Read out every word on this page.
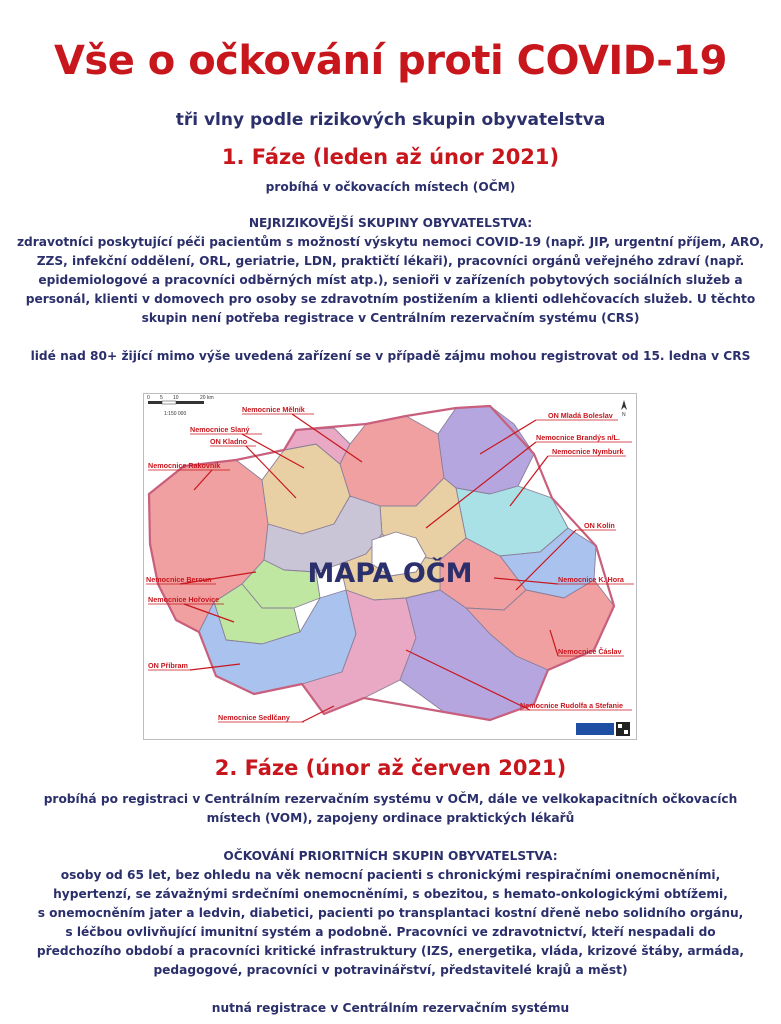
Vše o očkování proti COVID-19
tři vlny podle rizikových skupin obyvatelstva
1. Fáze (leden až únor 2021)
probíhá v očkovacích místech (OČM)
NEJRIZIKOVĚJŠÍ SKUPINY OBYVATELSTVA:
zdravotníci poskytující péči pacientům s možností výskytu nemoci COVID-19 (např. JIP, urgentní příjem, ARO,
ZZS, infekční oddělení, ORL, geriatrie, LDN, praktičtí lékaři), pracovníci orgánů veřejného zdraví (např.
epidemiologové a pracovníci odběrných míst atp.), senioři v zařízeních pobytových sociálních služeb a
personál, klienti v domovech pro osoby se zdravotním postižením a klienti odlehčovacích služeb. U těchto
skupin není potřeba registrace v Centrálním rezervačním systému (CRS)
lidé nad 80+ žijící mimo výše uvedená zařízení se v případě zájmu mohou registrovat od 15. ledna v CRS
0 5 10	20 km
1:150 000	N
Nemocnice Mělník
Nemocnice Slaný
ON Kladno
Nemocnice Rakovník
ON Mladá Boleslav
Nemocnice Brandýs n/L.
Nemocnice Nymburk
ON Kolín
Nemocnice Beroun
Nemocnice Hořovice
Nemocnice K. Hora
ON Příbram
Nemocnice Čáslav
Nemocnice Sedlčany
Nemocnice Rudolfa a Stefanie
MAPA OČM
2. Fáze (únor až červen 2021)
probíhá po registraci v Centrálním rezervačním systému v OČM, dále ve velkokapacitních očkovacích
místech (VOM), zapojeny ordinace praktických lékařů
OČKOVÁNÍ PRIORITNÍCH SKUPIN OBYVATELSTVA:
osoby od 65 let, bez ohledu na věk nemocní pacienti s chronickými respiračními onemocněními,
hypertenzí, se závažnými srdečními onemocněními, s obezitou, s hemato-onkologickými obtížemi,
s onemocněním jater a ledvin, diabetici, pacienti po transplantaci kostní dřeně nebo solidního orgánu,
s léčbou ovlivňující imunitní systém a podobně. Pracovníci ve zdravotnictví, kteří nespadali do
předchozího období a pracovníci kritické infrastruktury (IZS, energetika, vláda, krizové štáby, armáda,
pedagogové, pracovníci v potravinářství, představitelé krajů a měst)
nutná registrace v Centrálním rezervačním systému
